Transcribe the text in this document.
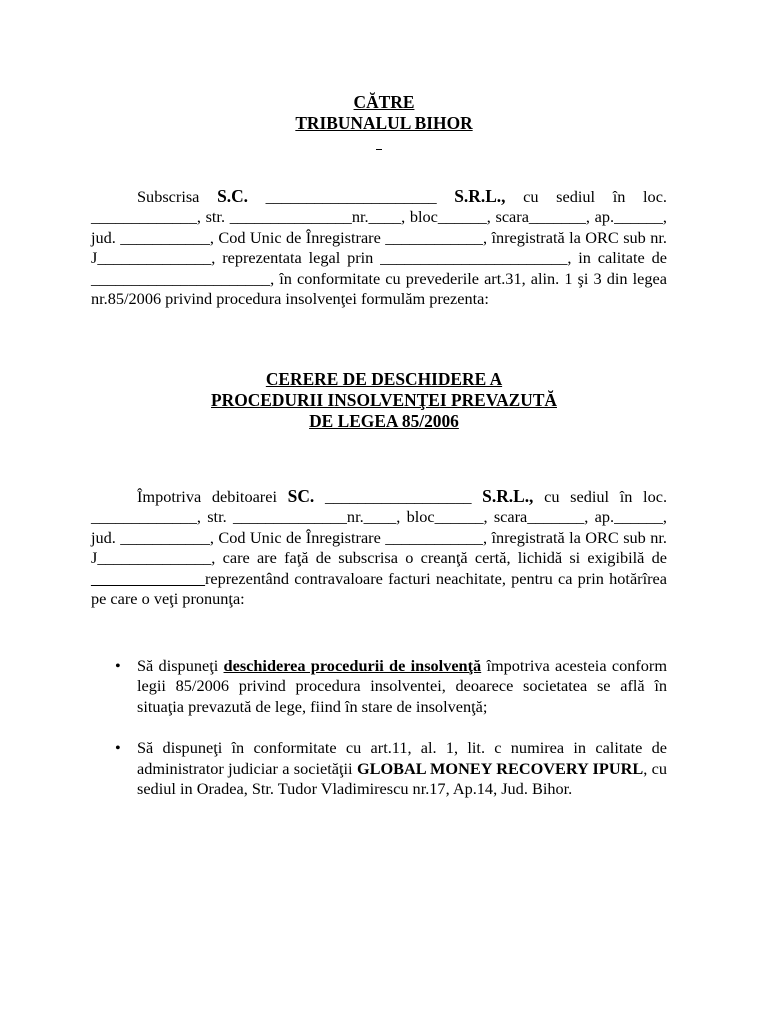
CĂTRE
TRIBUNALUL BIHOR

Subscrisa S.C. _____________________ S.R.L., cu sediul în loc. _____________, str. _______________nr.____, bloc______, scara_______, ap.______, jud. ___________, Cod Unic de Înregistrare ____________, înregistrată la ORC sub nr. J______________, reprezentata legal prin _______________________, in calitate de ______________________, în conformitate cu prevederile art.31, alin. 1 şi 3 din legea nr.85/2006 privind procedura insolvenţei formulăm prezenta:

CERERE DE DESCHIDERE A
PROCEDURII INSOLVENŢEI PREVAZUTĂ
DE LEGEA 85/2006

Împotriva debitoarei SC. __________________ S.R.L., cu sediul în loc. _____________, str. ______________nr.____, bloc______, scara_______, ap.______, jud. ___________, Cod Unic de Înregistrare ____________, înregistrată la ORC sub nr. J______________, care are faţă de subscrisa o creanţă certă, lichidă si exigibilă de ______________reprezentând contravaloare facturi neachitate, pentru ca prin hotărîrea pe care o veţi pronunţa:

• Să dispuneţi deschiderea procedurii de insolvenţă împotriva acesteia conform legii 85/2006 privind procedura insolventei, deoarece societatea se află în situaţia prevazută de lege, fiind în stare de insolvenţă;
• Să dispuneţi în conformitate cu art.11, al. 1, lit. c numirea in calitate de administrator judiciar a societăţii GLOBAL MONEY RECOVERY IPURL, cu sediul in Oradea, Str. Tudor Vladimirescu nr.17, Ap.14, Jud. Bihor.
